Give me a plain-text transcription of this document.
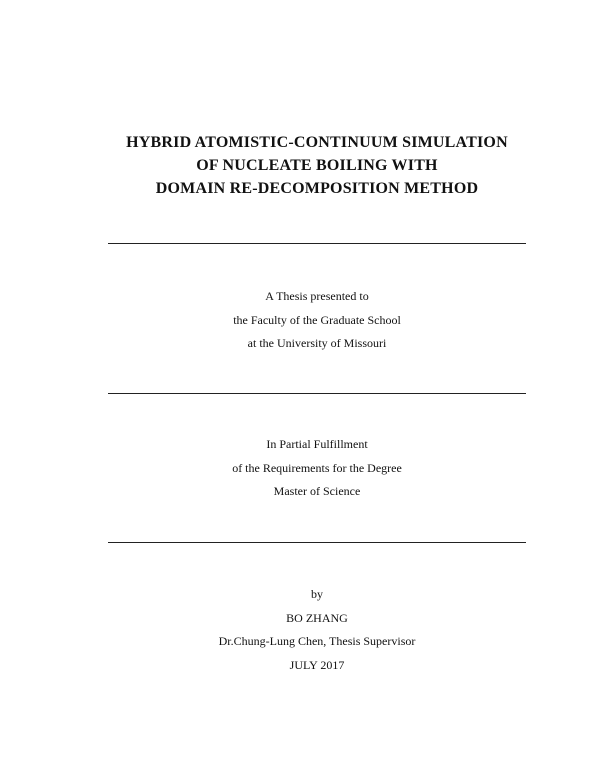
HYBRID ATOMISTIC-CONTINUUM SIMULATION
OF NUCLEATE BOILING WITH
DOMAIN RE-DECOMPOSITION METHOD
A Thesis presented to
the Faculty of the Graduate School
at the University of Missouri
In Partial Fulfillment
of the Requirements for the Degree
Master of Science
by
BO ZHANG
Dr.Chung-Lung Chen, Thesis Supervisor
JULY 2017
